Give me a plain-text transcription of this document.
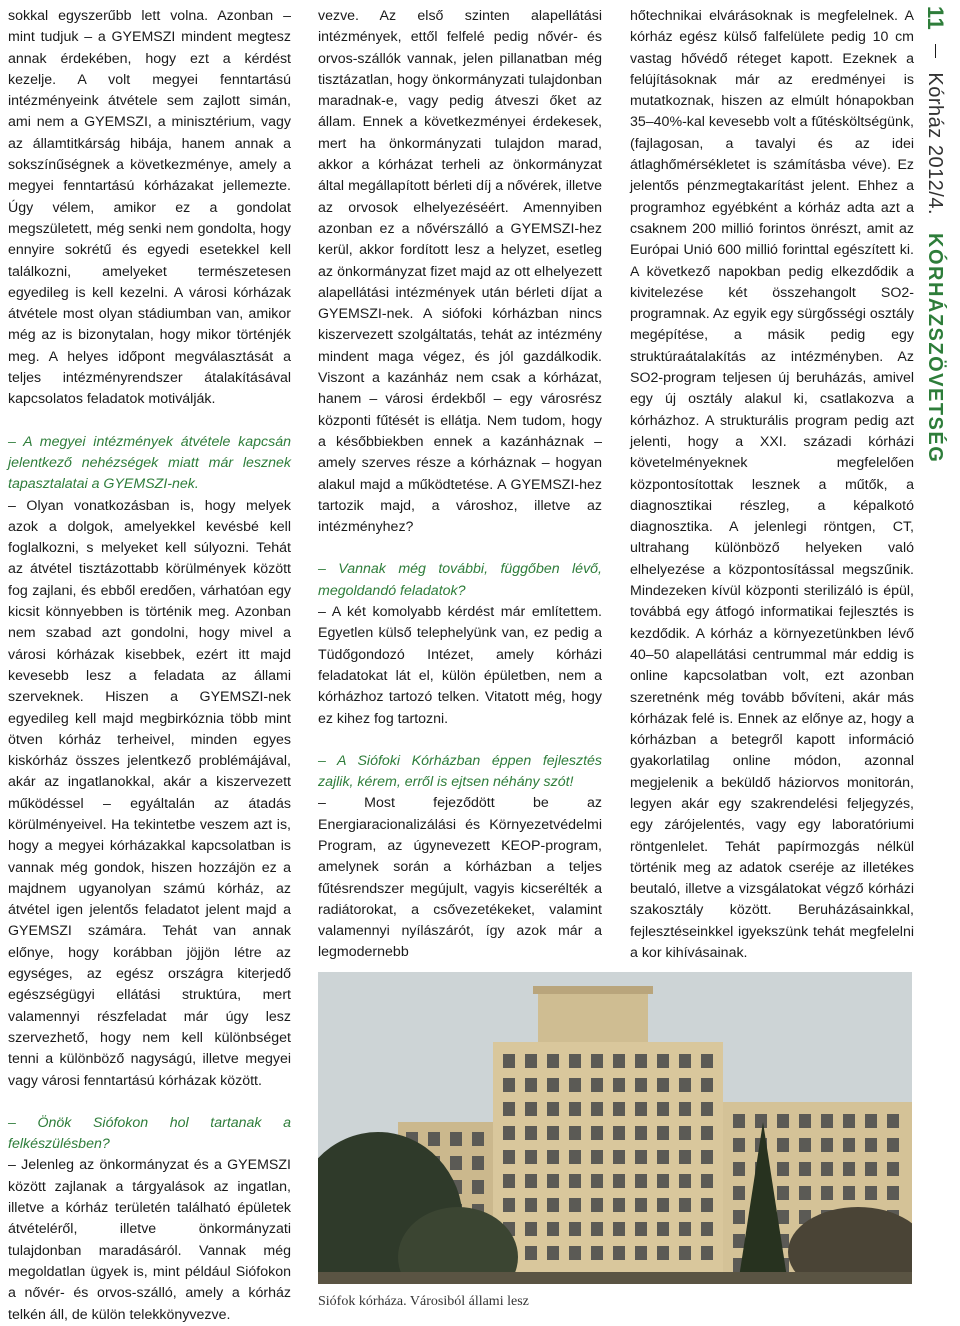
sokkal egyszerűbb lett volna. Azonban – mint tudjuk – a GYEMSZI mindent megtesz annak érdekében, hogy ezt a kérdést kezelje. A volt megyei fenntartású intézményeink átvétele sem zajlott simán, ami nem a GYEMSZI, a minisztérium, vagy az államtitkárság hibája, hanem annak a sokszínűségnek a következménye, amely a megyei fenntartású kórházakat jellemezte. Úgy vélem, amikor ez a gondolat megszületett, még senki nem gondolta, hogy ennyire sokrétű és egyedi esetekkel kell találkozni, amelyeket természetesen egyedileg is kell kezelni. A városi kórházak átvétele most olyan stádiumban van, amikor még az is bizonytalan, hogy mikor történjék meg. A helyes időpont megválasztását a teljes intézményrendszer átalakításával kapcsolatos feladatok motiválják.

– A megyei intézmények átvétele kapcsán jelentkező nehézségek miatt már lesznek tapasztalatai a GYEMSZI-nek.

– Olyan vonatkozásban is, hogy melyek azok a dolgok, amelyekkel kevésbé kell foglalkozni, s melyeket kell súlyozni. Tehát az átvétel tisztázottabb körülmények között fog zajlani, és ebből eredően, várhatóan egy kicsit könnyebben is történik meg. Azonban nem szabad azt gondolni, hogy mivel a városi kórházak kisebbek, ezért itt majd kevesebb lesz a feladata az állami szerveknek. Hiszen a GYEMSZI-nek egyedileg kell majd megbirkóznia több mint ötven kórház terheivel, minden egyes kiskórház összes jelentkező problémájával, akár az ingatlanokkal, akár a kiszervezett működéssel – egyáltalán az átadás körülményeivel. Ha tekintetbe veszem azt is, hogy a megyei kórházakkal kapcsolatban is vannak még gondok, hiszen hozzájön ez a majdnem ugyanolyan számú kórház, az átvétel igen jelentős feladatot jelent majd a GYEMSZI számára. Tehát van annak előnye, hogy korábban jöjjön létre az egységes, az egész országra kiterjedő egészségügyi ellátási struktúra, mert valamennyi részfeladat már úgy lesz szervezhető, hogy nem kell különbséget tenni a különböző nagyságú, illetve megyei vagy városi fenntartású kórházak között.

– Önök Siófokon hol tartanak a felkészülésben?

– Jelenleg az önkormányzat és a GYEMSZI között zajlanak a tárgyalások az ingatlan, illetve a kórház területén található épületek átvételéről, illetve önkormányzati tulajdonban maradásáról. Vannak még megoldatlan ügyek is, mint például Siófokon a nővér- és orvos-szálló, amely a kórház telkén áll, de külön telekkönyvezve.

vezve. Az első szinten alapellátási intézmények, ettől felfelé pedig nővér- és orvos-szállók vannak, jelen pillanatban még tisztázatlan, hogy önkormányzati tulajdonban maradnak-e, vagy pedig átveszi őket az állam. Ennek a következményei érdekesek, mert ha önkormányzati tulajdon marad, akkor a kórházat terheli az önkormányzat által megállapított bérleti díj a nővérek, illetve az orvosok elhelyezéséért. Amennyiben azonban ez a nővérszálló a GYEMSZI-hez kerül, akkor fordított lesz a helyzet, esetleg az önkormányzat fizet majd az ott elhelyezett alapellátási intézmények után bérleti díjat a GYEMSZI-nek. A siófoki kórházban nincs kiszervezett szolgáltatás, tehát az intézmény mindent maga végez, és jól gazdálkodik. Viszont a kazánház nem csak a kórházat, hanem – városi érdekből – egy városrész központi fűtését is ellátja. Nem tudom, hogy a későbbiekben ennek a kazánháznak – amely szerves része a kórháznak – hogyan alakul majd a működtetése. A GYEMSZI-hez tartozik majd, a városhoz, illetve az intézményhez?

– Vannak még további, függőben lévő, megoldandó feladatok?

– A két komolyabb kérdést már említettem. Egyetlen külső telephelyünk van, ez pedig a Tüdőgondozó Intézet, amely kórházi feladatokat lát el, külön épületben, nem a kórházhoz tartozó telken. Vitatott még, hogy ez kihez fog tartozni.

– A Siófoki Kórházban éppen fejlesztés zajlik, kérem, erről is ejtsen néhány szót!

– Most fejeződött be az Energiaracionalizálási és Környezetvédelmi Program, az úgynevezett KEOP-program, amelynek során a kórházban a teljes fűtésrendszer megújult, vagyis kicserélték a radiátorokat, a csővezetékeket, valamint valamennyi nyílászárót, így azok már a legmodernebb

hőtechnikai elvárásoknak is megfelelnek. A kórház egész külső falfelülete pedig 10 cm vastag hővédő réteget kapott. Ezeknek a felújításoknak már az eredményei is mutatkoznak, hiszen az elmúlt hónapokban 35–40%-kal kevesebb volt a fűtésköltségünk, (fajlagosan, a tavalyi és az idei átlaghőmérsékletet is számításba véve). Ez jelentős pénzmegtakarítást jelent. Ehhez a programhoz egyébként a kórház adta azt a csaknem 200 millió forintos önrészt, amit az Európai Unió 600 millió forinttal egészített ki. A következő napokban pedig elkezdődik a kivitelezése két összehangolt SO2-programnak. Az egyik egy sürgősségi osztály megépítése, a másik pedig egy struktúraátalakítás az intézményben. Az SO2-program teljesen új beruházás, amivel egy új osztály alakul ki, csatlakozva a kórházhoz. A strukturális program pedig azt jelenti, hogy a XXI. századi kórházi követelményeknek megfelelően központosítottak lesznek a műtők, a diagnosztikai részleg, a képalkotó diagnosztika. A jelenlegi röntgen, CT, ultrahang különböző helyeken való elhelyezése a központosítással megszűnik. Mindezeken kívül központi sterilizáló is épül, továbbá egy átfogó informatikai fejlesztés is kezdődik. A kórház a környezetünkben lévő 40–50 alapellátási centrummal már eddig is online kapcsolatban volt, ezt azonban szeretnénk még tovább bővíteni, akár más kórházak felé is. Ennek az előnye az, hogy a kórházban a betegről kapott információ gyakorlatilag online módon, azonnal megjelenik a beküldő háziorvos monitorán, legyen akár egy szakrendelési feljegyzés, egy zárójelentés, vagy egy laboratóriumi röntgenlelet. Tehát papírmozgás nélkül történik meg az adatok cseréje az illetékes beutaló, illetve a vizsgálatokat végző kórházi szakosztály között. Beruházásainkkal, fejlesztéseinkkel igyekszünk tehát megfelelni a kor kihívásainak.

11  Kórház 2012/4. KÓRHÁZSZÖVETSÉG
Siófok kórháza. Városiból állami lesz
